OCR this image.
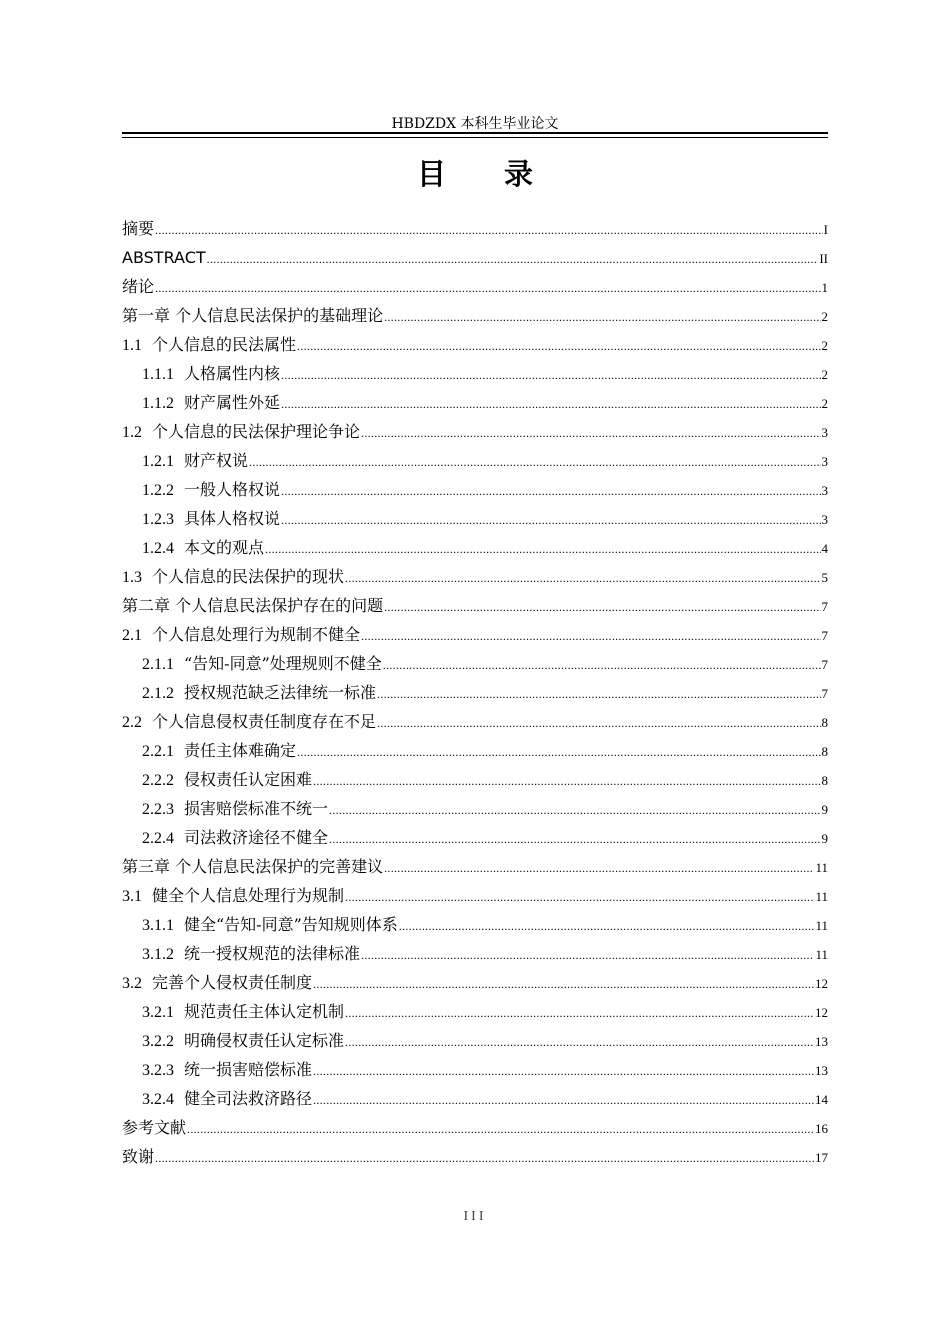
HBDZDX 本科生毕业论文
目录
摘要 .....	I
ABSTRACT .....	II
绪论 .....	1
第一章 个人信息民法保护的基础理论 .....	2
1.1 个人信息的民法属性 .....	2
1.1.1 人格属性内核 .....	2
1.1.2 财产属性外延 .....	2
1.2 个人信息的民法保护理论争论 .....	3
1.2.1 财产权说 .....	3
1.2.2 一般人格权说 .....	3
1.2.3 具体人格权说 .....	3
1.2.4 本文的观点 .....	4
1.3 个人信息的民法保护的现状 .....	5
第二章 个人信息民法保护存在的问题 .....	7
2.1 个人信息处理行为规制不健全 .....	7
2.1.1 “告知-同意”处理规则不健全 .....	7
2.1.2 授权规范缺乏法律统一标准 .....	7
2.2 个人信息侵权责任制度存在不足 .....	8
2.2.1 责任主体难确定 .....	8
2.2.2 侵权责任认定困难 .....	8
2.2.3 损害赔偿标准不统一 .....	9
2.2.4 司法救济途径不健全 .....	9
第三章 个人信息民法保护的完善建议 .....	11
3.1 健全个人信息处理行为规制 .....	11
3.1.1 健全“告知-同意”告知规则体系 .....	11
3.1.2 统一授权规范的法律标准 .....	11
3.2 完善个人侵权责任制度 .....	12
3.2.1 规范责任主体认定机制 .....	12
3.2.2 明确侵权责任认定标准 .....	13
3.2.3 统一损害赔偿标准 .....	13
3.2.4 健全司法救济路径 .....	14
参考文献 .....	16
致谢 .....	17
III
